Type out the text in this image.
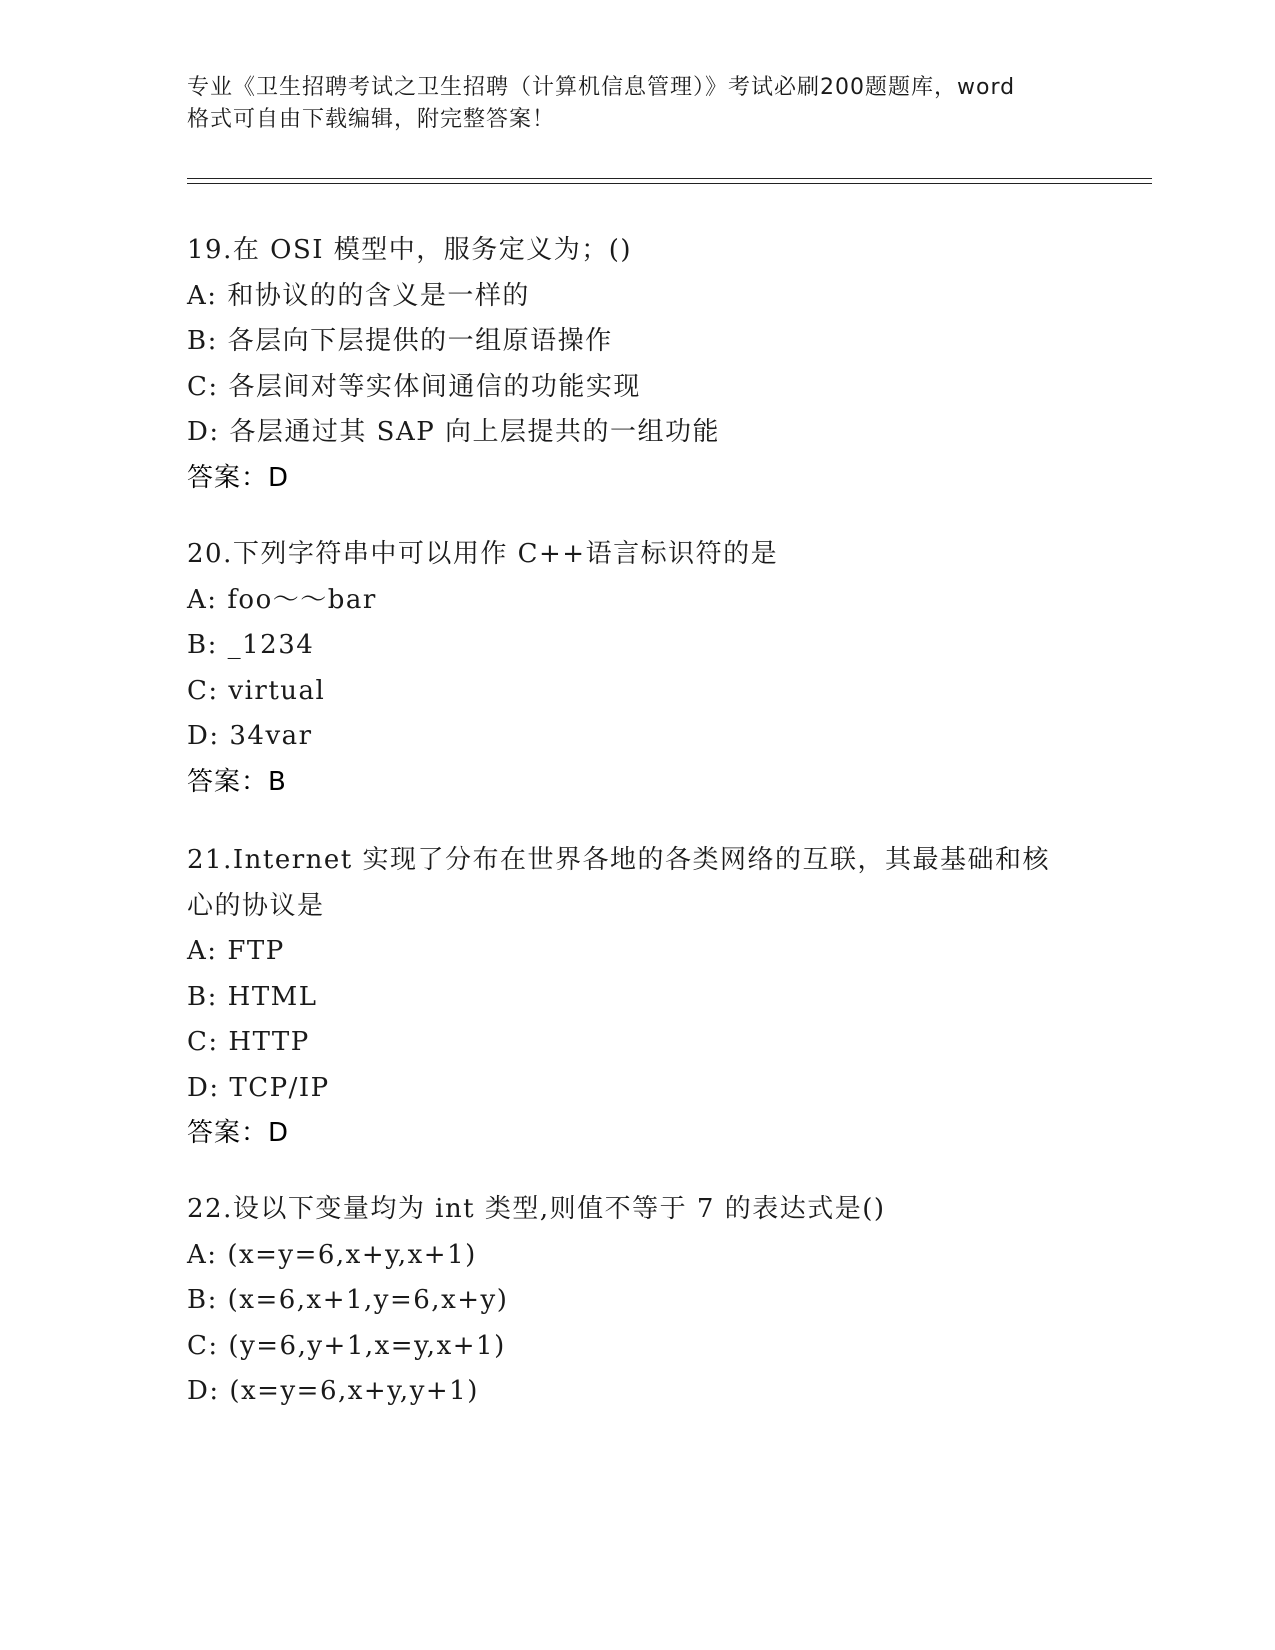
专业《卫生招聘考试之卫生招聘（计算机信息管理）》考试必刷200题题库，word
格式可自由下载编辑，附完整答案！
19.在 OSI 模型中，服务定义为；()
A: 和协议的的含义是一样的
B: 各层向下层提供的一组原语操作
C: 各层间对等实体间通信的功能实现
D: 各层通过其 SAP 向上层提共的一组功能
答案：D
20.下列字符串中可以用作 C++语言标识符的是
A: foo～～bar
B: _1234
C: virtual
D: 34var
答案：B
21.Internet 实现了分布在世界各地的各类网络的互联，其最基础和核
心的协议是
A: FTP
B: HTML
C: HTTP
D: TCP/IP
答案：D
22.设以下变量均为 int 类型,则值不等于 7 的表达式是()
A: (x=y=6,x+y,x+1)
B: (x=6,x+1,y=6,x+y)
C: (y=6,y+1,x=y,x+1)
D: (x=y=6,x+y,y+1)
